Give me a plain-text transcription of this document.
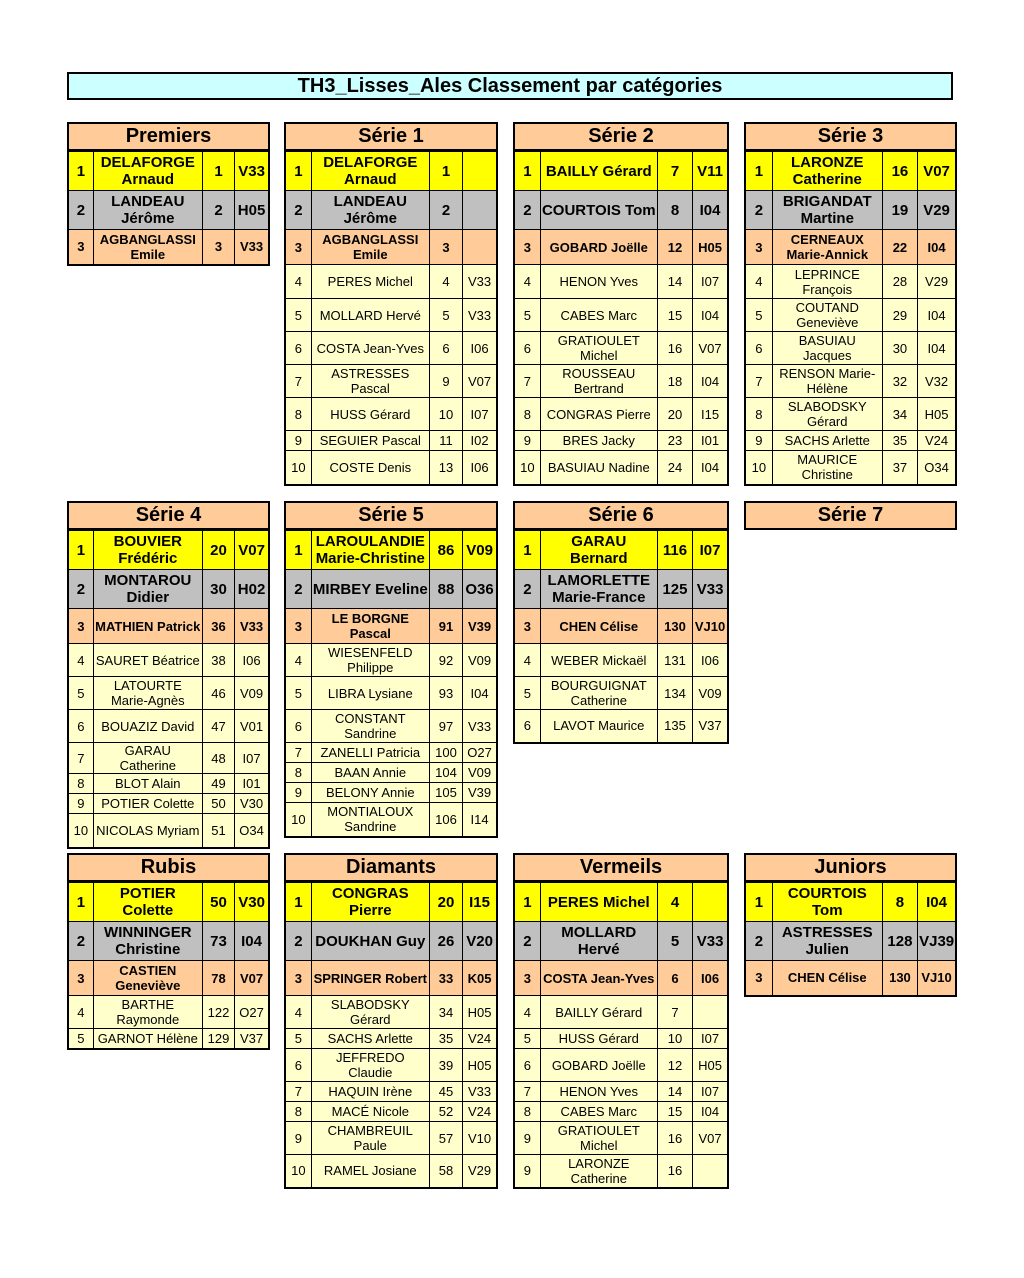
TH3_Lisses_Ales Classement par catégories
Premiers
1	DELAFORGE Arnaud	1	V33
2	LANDEAU Jérôme	2	H05
3	AGBANGLASSI Emile	3	V33
Série 1
1	DELAFORGE Arnaud	1	
2	LANDEAU Jérôme	2	
3	AGBANGLASSI Emile	3	
4	PERES Michel	4	V33
5	MOLLARD Hervé	5	V33
6	COSTA Jean-Yves	6	I06
7	ASTRESSES Pascal	9	V07
8	HUSS Gérard	10	I07
9	SEGUIER Pascal	11	I02
10	COSTE Denis	13	I06
Série 2
1	BAILLY Gérard	7	V11
2	COURTOIS Tom	8	I04
3	GOBARD Joëlle	12	H05
4	HENON Yves	14	I07
5	CABES Marc	15	I04
6	GRATIOULET Michel	16	V07
7	ROUSSEAU Bertrand	18	I04
8	CONGRAS Pierre	20	I15
9	BRES Jacky	23	I01
10	BASUIAU Nadine	24	I04
Série 3
1	LARONZE Catherine	16	V07
2	BRIGANDAT Martine	19	V29
3	CERNEAUX Marie-Annick	22	I04
4	LEPRINCE François	28	V29
5	COUTAND Geneviève	29	I04
6	BASUIAU Jacques	30	I04
7	RENSON Marie-Hélène	32	V32
8	SLABODSKY Gérard	34	H05
9	SACHS Arlette	35	V24
10	MAURICE Christine	37	O34
Série 4
1	BOUVIER Frédéric	20	V07
2	MONTAROU Didier	30	H02
3	MATHIEN Patrick	36	V33
4	SAURET Béatrice	38	I06
5	LATOURTE Marie-Agnès	46	V09
6	BOUAZIZ David	47	V01
7	GARAU Catherine	48	I07
8	BLOT Alain	49	I01
9	POTIER Colette	50	V30
10	NICOLAS Myriam	51	O34
Série 5
1	LAROULANDIE Marie-Christine	86	V09
2	MIRBEY Eveline	88	O36
3	LE BORGNE Pascal	91	V39
4	WIESENFELD Philippe	92	V09
5	LIBRA Lysiane	93	I04
6	CONSTANT Sandrine	97	V33
7	ZANELLI Patricia	100	O27
8	BAAN Annie	104	V09
9	BELONY Annie	105	V39
10	MONTIALOUX Sandrine	106	I14
Série 6
1	GARAU Bernard	116	I07
2	LAMORLETTE Marie-France	125	V33
3	CHEN Célise	130	VJ10
4	WEBER Mickaël	131	I06
5	BOURGUIGNAT Catherine	134	V09
6	LAVOT Maurice	135	V37
Série 7
Rubis
1	POTIER Colette	50	V30
2	WINNINGER Christine	73	I04
3	CASTIEN Geneviève	78	V07
4	BARTHE Raymonde	122	O27
5	GARNOT Hélène	129	V37
Diamants
1	CONGRAS Pierre	20	I15
2	DOUKHAN Guy	26	V20
3	SPRINGER Robert	33	K05
4	SLABODSKY Gérard	34	H05
5	SACHS Arlette	35	V24
6	JEFFREDO Claudie	39	H05
7	HAQUIN Irène	45	V33
8	MACÉ Nicole	52	V24
9	CHAMBREUIL Paule	57	V10
10	RAMEL Josiane	58	V29
Vermeils
1	PERES Michel	4	
2	MOLLARD Hervé	5	V33
3	COSTA Jean-Yves	6	I06
4	BAILLY Gérard	7	
5	HUSS Gérard	10	I07
6	GOBARD Joëlle	12	H05
7	HENON Yves	14	I07
8	CABES Marc	15	I04
9	GRATIOULET Michel	16	V07
9	LARONZE Catherine	16	
Juniors
1	COURTOIS Tom	8	I04
2	ASTRESSES Julien	128	VJ39
3	CHEN Célise	130	VJ10
